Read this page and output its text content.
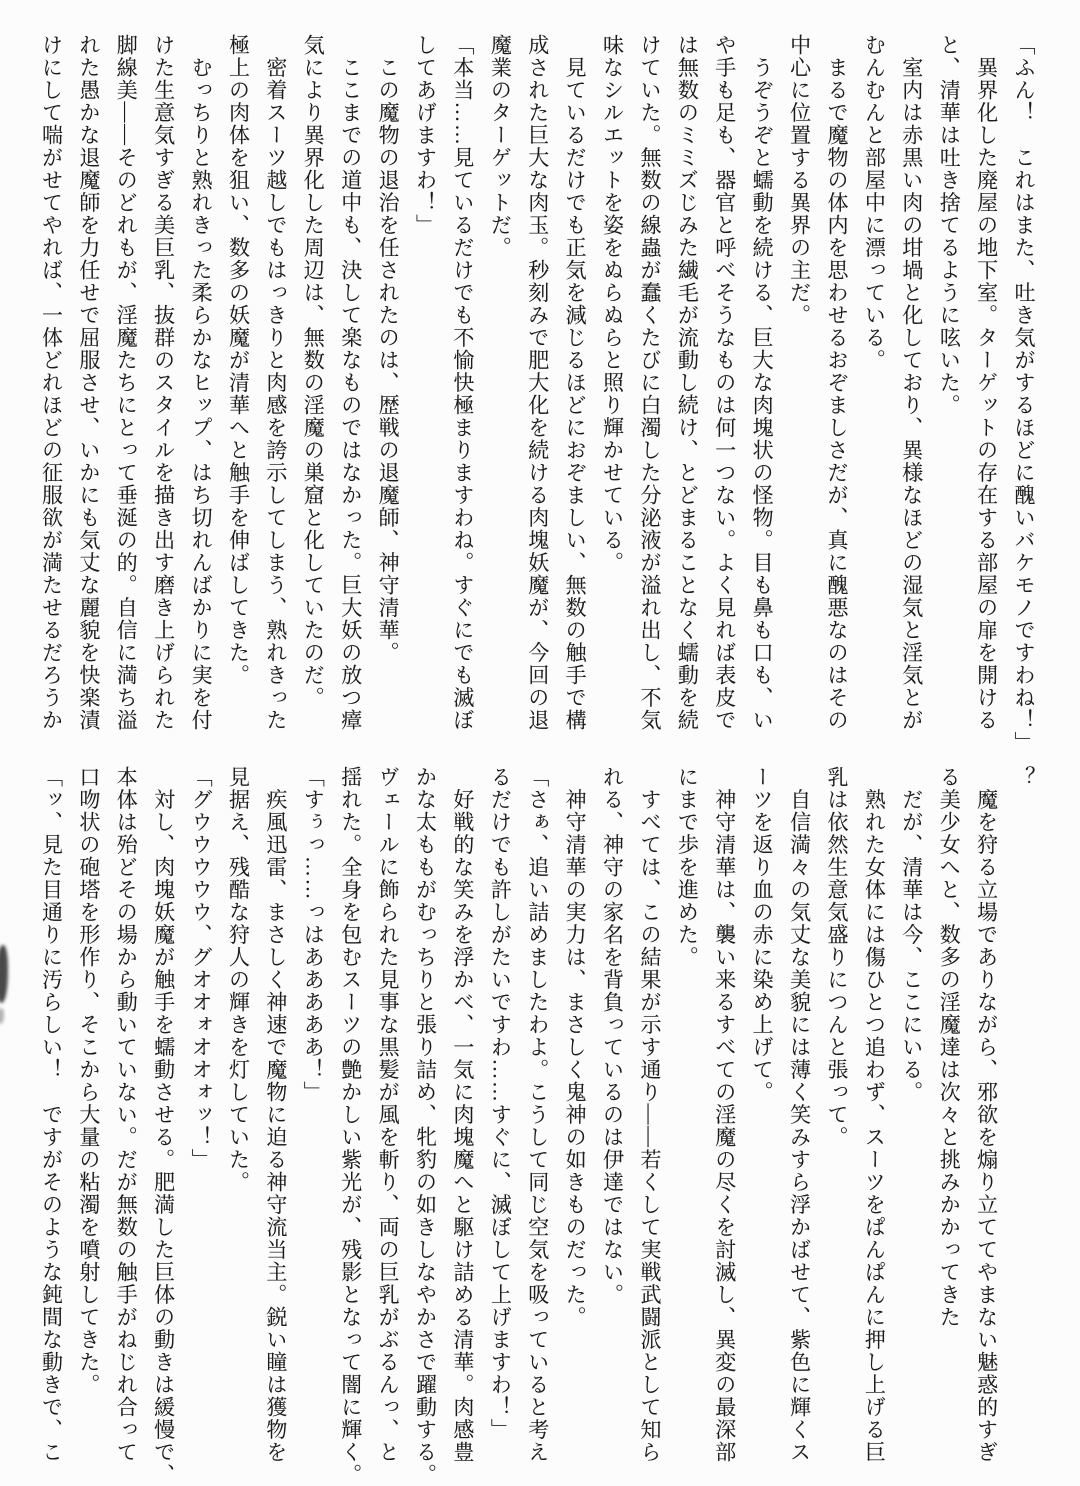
「ふん！　これはまた、吐き気がするほどに醜いバケモノですわね！」
　異界化した廃屋の地下室。ターゲットの存在する部屋の扉を開ける
と、清華は吐き捨てるように呟いた。
　室内は赤黒い肉の坩堝と化しており、異様なほどの湿気と淫気とが
むんむんと部屋中に漂っている。
　まるで魔物の体内を思わせるおぞましさだが、真に醜悪なのはその
中心に位置する異界の主だ。
　うぞうぞと蠕動を続ける、巨大な肉塊状の怪物。目も鼻も口も、い
や手も足も、器官と呼べそうなものは何一つない。よく見れば表皮で
は無数のミミズじみた繊毛が流動し続け、とどまることなく蠕動を続
けていた。無数の線蟲が蠢くたびに白濁した分泌液が溢れ出し、不気
味なシルエットを姿をぬらぬらと照り輝かせている。
　見ているだけでも正気を減じるほどにおぞましい、無数の触手で構
成された巨大な肉玉。秒刻みで肥大化を続ける肉塊妖魔が、今回の退
魔業のターゲットだ。
「本当……見ているだけでも不愉快極まりますわね。すぐにでも滅ぼ
してあげますわ！」
　この魔物の退治を任されたのは、歴戦の退魔師、神守清華。
　ここまでの道中も、決して楽なものではなかった。巨大妖の放つ瘴
気により異界化した周辺は、無数の淫魔の巣窟と化していたのだ。
　密着スーツ越しでもはっきりと肉感を誇示してしまう、熟れきった
極上の肉体を狙い、数多の妖魔が清華へと触手を伸ばしてきた。
　むっちりと熟れきった柔らかなヒップ、はち切れんばかりに実を付
けた生意気すぎる美巨乳、抜群のスタイルを描き出す磨き上げられた
脚線美——そのどれもが、淫魔たちにとって垂涎の的。自信に満ち溢
れた愚かな退魔師を力任せで屈服させ、いかにも気丈な麗貌を快楽漬
けにして喘がせてやれば、一体どれほどの征服欲が満たせるだろうか
？
　魔を狩る立場でありながら、邪欲を煽り立ててやまない魅惑的すぎ
る美少女へと、数多の淫魔達は次々と挑みかかってきた
　だが、清華は今、ここにいる。
　熟れた女体には傷ひとつ追わず、スーツをぱんぱんに押し上げる巨
乳は依然生意気盛りにつんと張って。
　自信満々の気丈な美貌には薄く笑みすら浮かばせて、紫色に輝くス
ーツを返り血の赤に染め上げて。
　神守清華は、襲い来るすべての淫魔の尽くを討滅し、異変の最深部
にまで歩を進めた。
　すべては、この結果が示す通り——若くして実戦武闘派として知ら
れる、神守の家名を背負っているのは伊達ではない。
　神守清華の実力は、まさしく鬼神の如きものだった。
「さぁ、追い詰めましたわよ。こうして同じ空気を吸っていると考え
るだけでも許しがたいですわ……すぐに、滅ぼして上げますわ！」
　好戦的な笑みを浮かべ、一気に肉塊魔へと駆け詰める清華。肉感豊
かな太ももがむっちりと張り詰め、牝豹の如きしなやかさで躍動する。
ヴェールに飾られた見事な黒髪が風を斬り、両の巨乳がぶるんっ、と
揺れた。全身を包むスーツの艶かしい紫光が、残影となって闇に輝く。
「すぅっ……っはあああああ！」
　疾風迅雷、まさしく神速で魔物に迫る神守流当主。鋭い瞳は獲物を
見据え、残酷な狩人の輝きを灯していた。
「グウウウウウ、グオオォオオォッ！」
　対し、肉塊妖魔が触手を蠕動させる。肥満した巨体の動きは緩慢で、
本体は殆どその場から動いていない。だが無数の触手がねじれ合って
口吻状の砲塔を形作り、そこから大量の粘濁を噴射してきた。
「ッ、見た目通りに汚らしい！　ですがそのような鈍間な動きで、こ
